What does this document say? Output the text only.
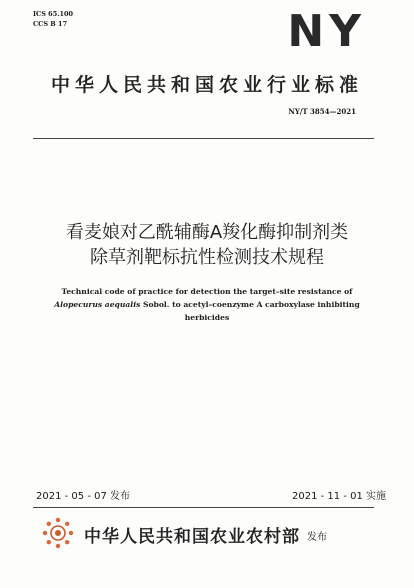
ICS 65.100
CCS B 17	NY
中华人民共和国农业行业标准
NY/T 3854—2021
看麦娘对乙酰辅酶A羧化酶抑制剂类
除草剂靶标抗性检测技术规程
Technical code of practice for detection the target–site resistance of Alopecurus aequalis Sobol. to acetyl–coenzyme A carboxylase inhibiting herbicides
2021 - 05 - 07 发布	2021 - 11 - 01 实施
中华人民共和国农业农村部 发布
